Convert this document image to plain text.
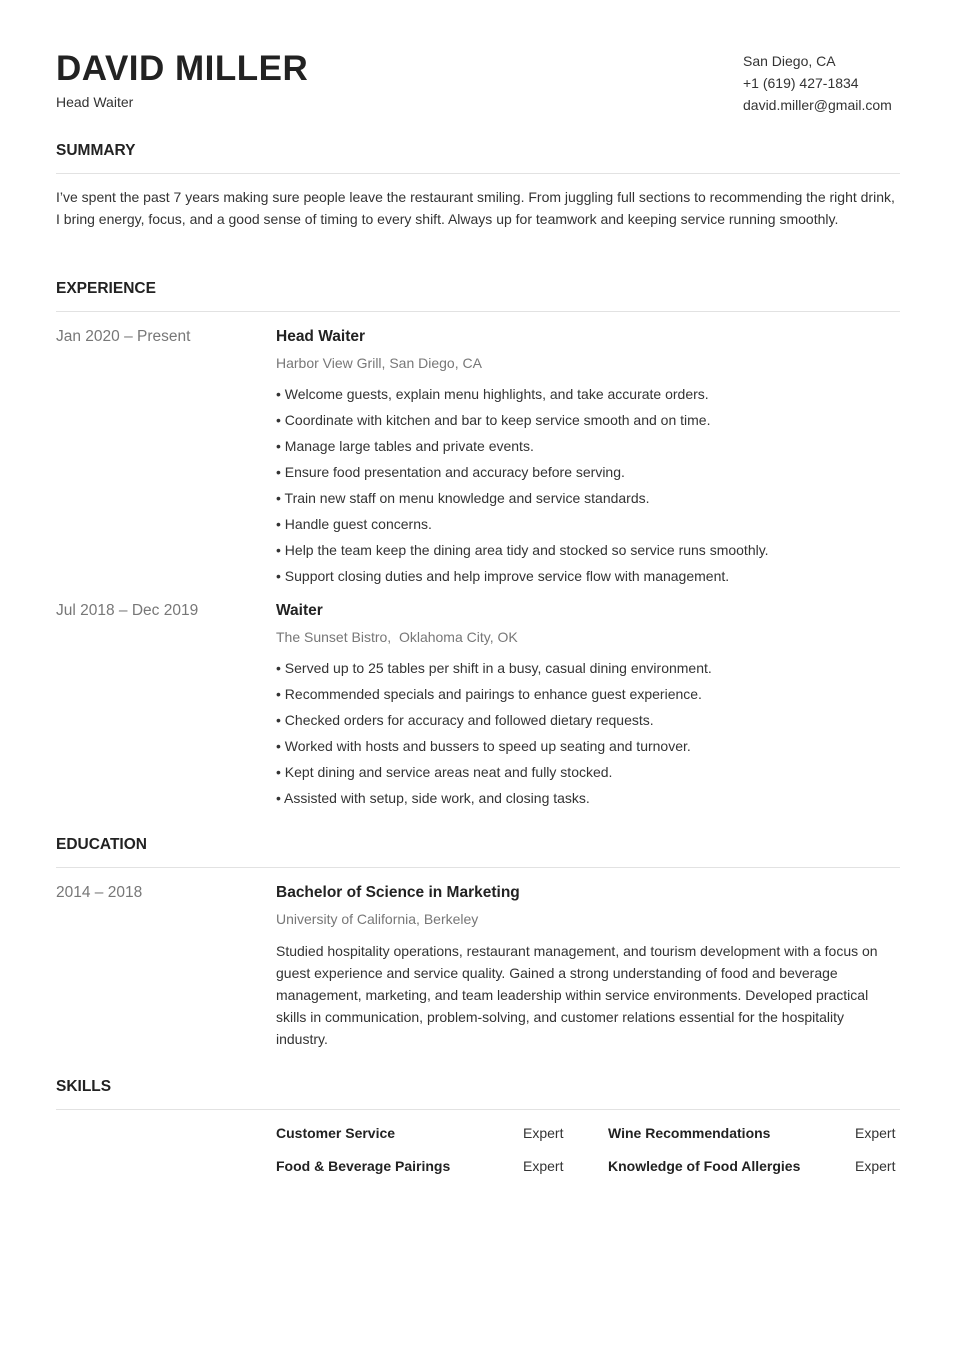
DAVID MILLER
Head Waiter
San Diego, CA
+1 (619) 427-1834
david.miller@gmail.com
SUMMARY

I’ve spent the past 7 years making sure people leave the restaurant smiling. From juggling full sections to recommending the right drink, I bring energy, focus, and a good sense of timing to every shift. Always up for teamwork and keeping service running smoothly.

EXPERIENCE
Jan 2020 – Present	Head Waiter
Harbor View Grill, San Diego, CA
• Welcome guests, explain menu highlights, and take accurate orders.
• Coordinate with kitchen and bar to keep service smooth and on time.
• Manage large tables and private events.
• Ensure food presentation and accuracy before serving.
• Train new staff on menu knowledge and service standards.
• Handle guest concerns.
• Help the team keep the dining area tidy and stocked so service runs smoothly.
• Support closing duties and help improve service flow with management.
Jul 2018 – Dec 2019	Waiter
The Sunset Bistro,  Oklahoma City, OK
• Served up to 25 tables per shift in a busy, casual dining environment.
• Recommended specials and pairings to enhance guest experience.
• Checked orders for accuracy and followed dietary requests.
• Worked with hosts and bussers to speed up seating and turnover.
• Kept dining and service areas neat and fully stocked.
• Assisted with setup, side work, and closing tasks.
EDUCATION
2014 – 2018	Bachelor of Science in Marketing
University of California, Berkeley

Studied hospitality operations, restaurant management, and tourism development with a focus on guest experience and service quality. Gained a strong understanding of food and beverage management, marketing, and team leadership within service environments. Developed practical skills in communication, problem-solving, and customer relations essential for the hospitality industry.

SKILLS
Customer Service	Expert	Wine Recommendations	Expert
Food & Beverage Pairings	Expert	Knowledge of Food Allergies	Expert
